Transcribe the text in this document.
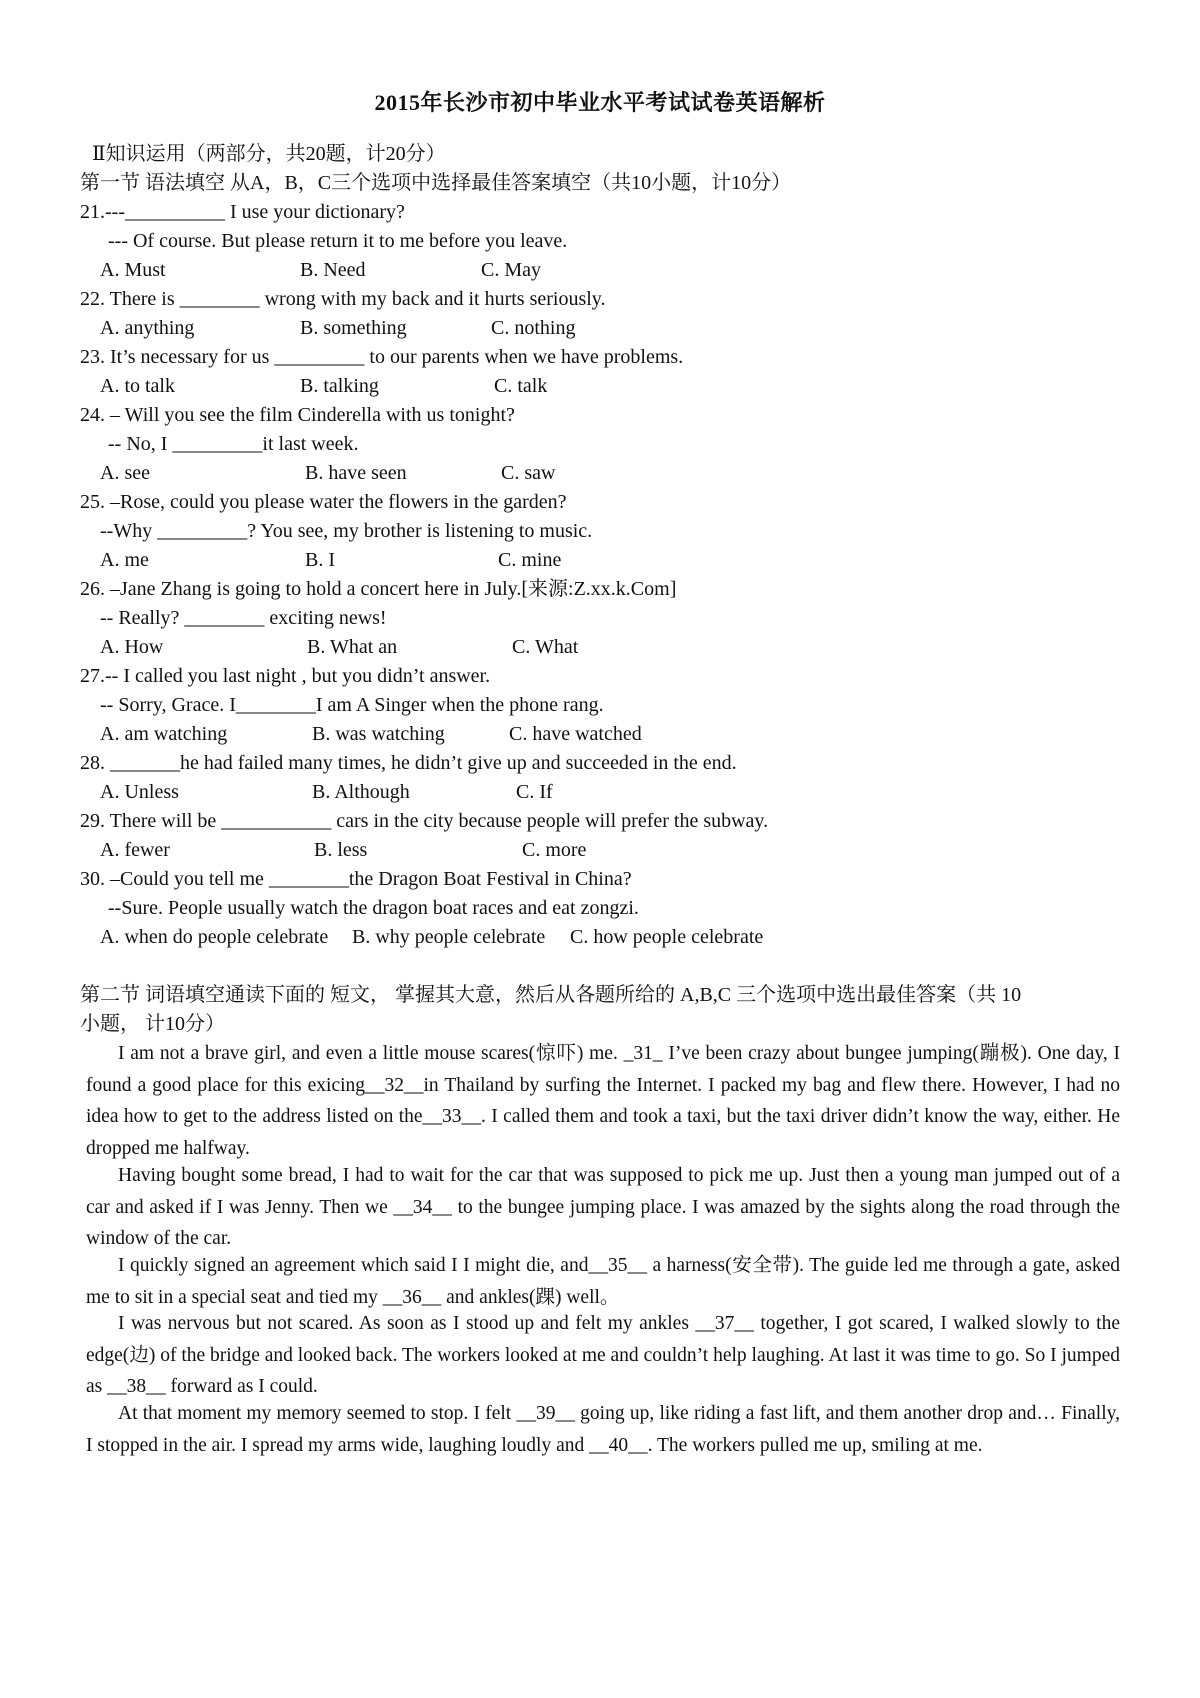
2015年长沙市初中毕业水平考试试卷英语解析
Ⅱ知识运用（两部分，共20题，计20分）
第一节 语法填空 从A，B，C三个选项中选择最佳答案填空（共10小题，计10分）
21.---__________ I use your dictionary?
--- Of course. But please return it to me before you leave.
A. Must	B. Need	C. May
22. There is ________ wrong with my back and it hurts seriously.
A. anything	B. something	C. nothing
23. It’s necessary for us _________ to our parents when we have problems.
A. to talk	B. talking	C. talk
24. – Will you see the film Cinderella with us tonight?
-- No, I _________it last week.
A. see	B. have seen	C. saw
25. –Rose, could you please water the flowers in the garden?
--Why _________? You see, my brother is listening to music.
A. me	B. I	C. mine
26. –Jane Zhang is going to hold a concert here in July.[来源:Z.xx.k.Com]
-- Really? ________ exciting news!
A. How	B. What an	C. What
27.-- I called you last night , but you didn’t answer.
-- Sorry, Grace. I________I am A Singer when the phone rang.
A. am watching	B. was watching	C. have watched
28. _______he had failed many times, he didn’t give up and succeeded in the end.
A. Unless	B. Although	C. If
29. There will be ___________ cars in the city because people will prefer the subway.
A. fewer	B. less	C. more
30. –Could you tell me ________the Dragon Boat Festival in China?
--Sure. People usually watch the dragon boat races and eat zongzi.
A. when do people celebrate B. why people celebrate C. how people celebrate
第二节 词语填空通读下面的 短文， 掌握其大意，然后从各题所给的 A,B,C 三个选项中选出最佳答案（共 10
小题， 计10分）
I am not a brave girl, and even a little mouse scares(惊吓) me. _31_ I’ve been crazy about bungee jumping(蹦极). One day, I found a good place for this exicing__32__in Thailand by surfing the Internet. I packed my bag and flew there. However, I had no idea how to get to the address listed on the__33__. I called them and took a taxi, but the taxi driver didn’t know the way, either. He dropped me halfway.
Having bought some bread, I had to wait for the car that was supposed to pick me up. Just then a young man jumped out of a car and asked if I was Jenny. Then we __34__ to the bungee jumping place. I was amazed by the sights along the road through the window of the car.
I quickly signed an agreement which said I I might die, and__35__ a harness(安全带). The guide led me through a gate, asked me to sit in a special seat and tied my __36__ and ankles(踝) well。
I was nervous but not scared. As soon as I stood up and felt my ankles __37__ together, I got scared, I walked slowly to the edge(边) of the bridge and looked back. The workers looked at me and couldn’t help laughing. At last it was time to go. So I jumped as __38__ forward as I could.
At that moment my memory seemed to stop. I felt __39__ going up, like riding a fast lift, and them another drop and… Finally, I stopped in the air. I spread my arms wide, laughing loudly and __40__. The workers pulled me up, smiling at me.
